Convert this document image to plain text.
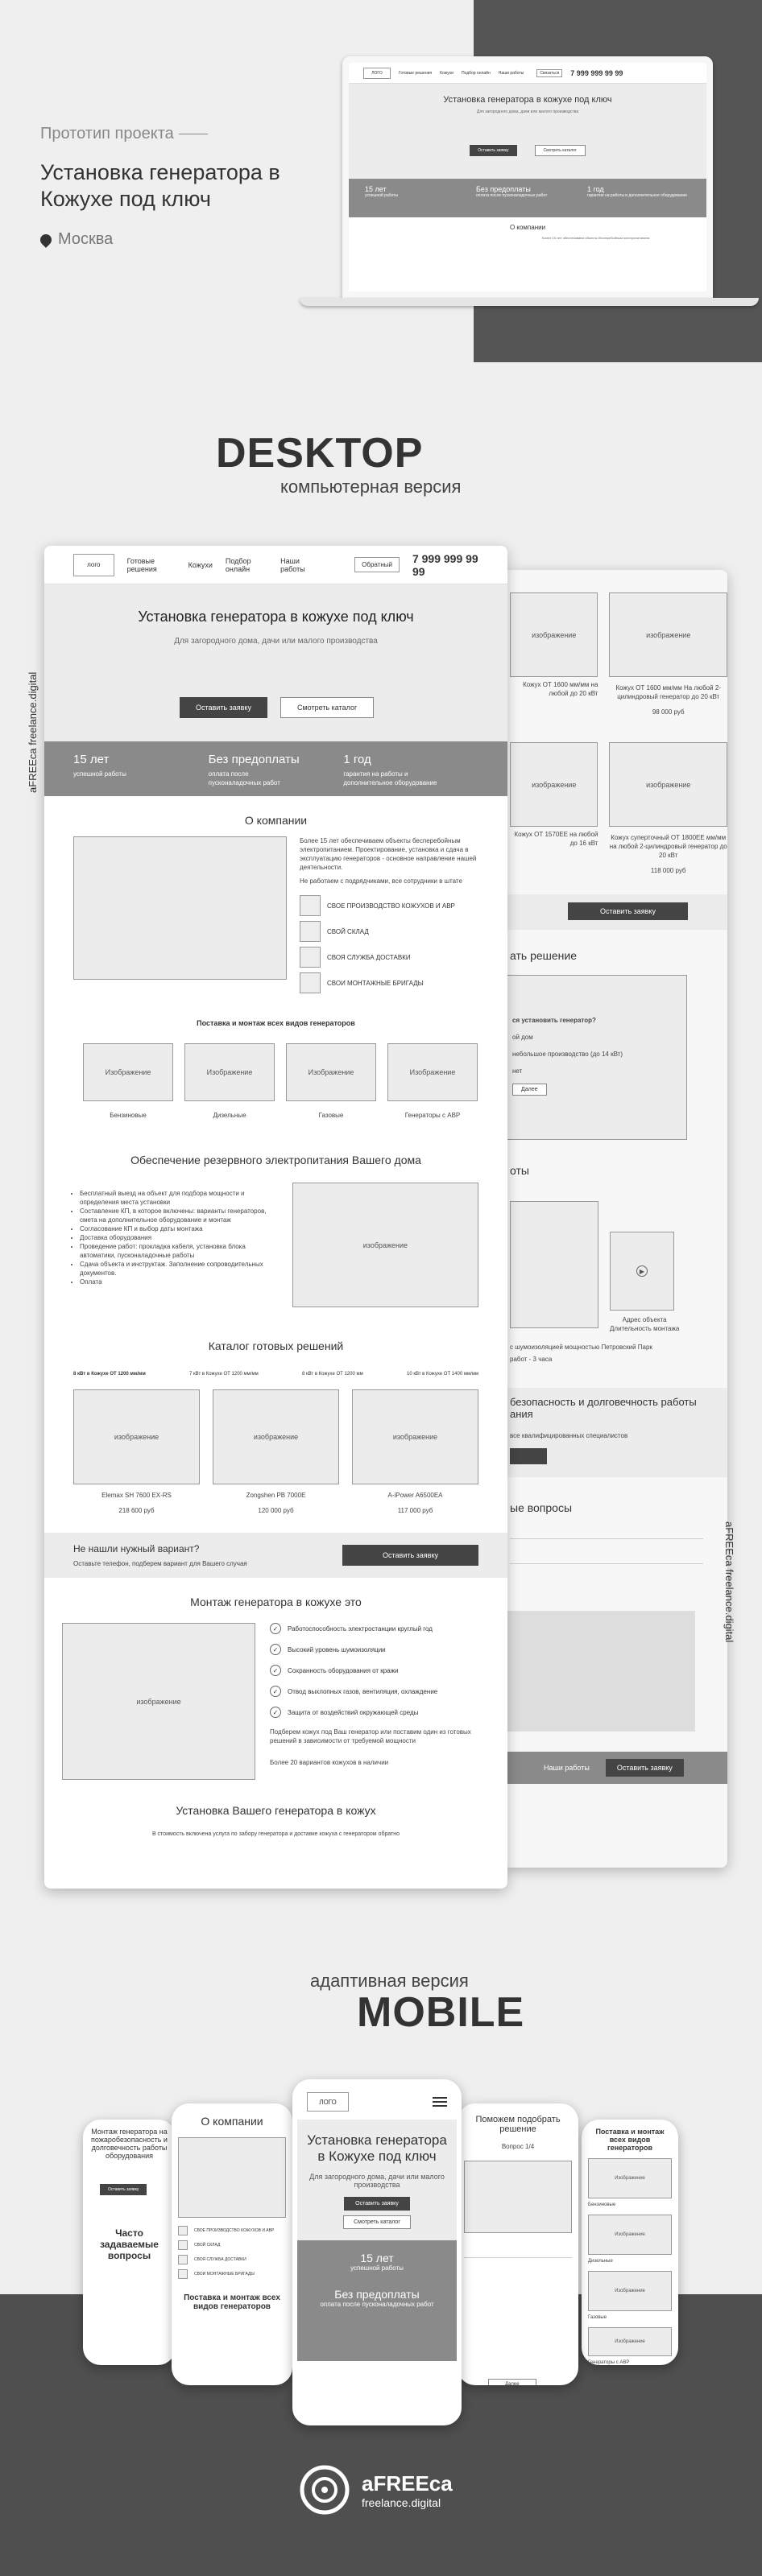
Прототип проекта
Установка генератора в Кожухе под ключ
Москва
ЛОГО	Готовые решения Кожухи Подбор онлайн Наши работы	Связаться	7 999 999 99 99
Установка генератора в кожухе под ключ
Для загородного дома, дачи или малого производства
Оставить заявку	Смотреть каталог
15 лет
успешной работы
Без предоплаты
оплата после пусконаладочных работ
1 год
гарантия на работы и дополнительное оборудование
О компании
Более 15 лет обеспечиваем объекты бесперебойным электропитанием
DESKTOP
компьютерная версия
изображение
Кожух ОТ 1600 мм/мм на любой до 20 кВт
изображение
Кожух ОТ 1600 мм/мм На любой 2-цилиндровый генератор до 20 кВт
98 000 руб
изображение
Кожух ОТ 1570ЕЕ на любой до 16 кВт
изображение
Кожух суперточный ОТ 1800ЕЕ мм/мм на любой 2-цилиндровый генератор до 20 кВт
118 000 руб
Оставить заявку
ать решение
ся установить генератор?
ой дом
небольшое производство (до 14 кВт)
нет
Далее
оты
▶
Адрес объекта
Длительность монтажа
с шумоизоляцией мощностью Петровский Парк
работ - 3 часа
безопасность и долговечность работы
ания
все квалифицированных специалистов
ые вопросы
Наши работы	Оставить заявку
aFREEca freelance.digital
aFREEca freelance.digital
лого	Готовые решения	Кожухи Подбор онлайн
Наши работы	Обратный	7 999 999 99 99
Установка генератора в кожухе под ключ

Для загородного дома, дачи или малого производства

Оставить заявку	Смотреть каталог
15 лет
успешной работы
Без предоплаты
оплата после пусконаладочных работ
1 год
гарантия на работы и дополнительное оборудование
О компании
Более 15 лет обеспечиваем объекты бесперебойным электропитанием. Проектирование, установка и сдача в эксплуатацию генераторов - основное направление нашей деятельности.
Не работаем с подрядчиками, все сотрудники в штате
СВОЕ ПРОИЗВОДСТВО КОЖУХОВ И АВР
СВОЙ СКЛАД
СВОЯ СЛУЖБА ДОСТАВКИ
СВОИ МОНТАЖНЫЕ БРИГАДЫ
Поставка и монтаж всех видов генераторов
Изображение
Бензиновые
Изображение
Дизельные
Изображение
Газовые
Изображение
Генераторы с АВР
Обеспечение резервного электропитания Вашего дома
• Бесплатный выезд на объект для подбора мощности и определения места установки
• Составление КП, в которое включены: варианты генераторов, смета на дополнительное оборудование и монтаж
• Согласование КП и выбор даты монтажа
• Доставка оборудования
• Проведение работ: прокладка кабеля, установка блока автоматики, пусконаладочные работы
• Сдача объекта и инструктаж. Заполнение сопроводительных документов.
• Оплата
изображение
Каталог готовых решений
8 кВт в Кожухе ОТ 1200 мм/мм	7 кВт в Кожухе ОТ 1200 мм/мм	8 кВт в Кожухе ОТ 1200 мм	10 кВт в Кожухе ОТ 1400 мм/мм
изображение
Elemax SH 7600 EX-RS
218 600 руб
изображение
Zongshen PB 7000E
120 000 руб
изображение
A-iPower A6500EA
117 000 руб
Не нашли нужный вариант?
Оставьте телефон, подберем вариант для Вашего случая
Оставить заявку
Монтаж генератора в кожухе это
изображение
✓	Работоспособность электростанции круглый год
✓	Высокий уровень шумоизоляции
✓	Сохранность оборудования от кражи
✓	Отвод выхлопных газов, вентиляция, охлаждение
✓	Защита от воздействий окружающей среды
Подберем кожух под Ваш генератор или поставим один из готовых решений в зависимости от требуемой мощности
Более 20 вариантов кожухов в наличии
Установка Вашего генератора в кожух
В стоимость включена услуга по забору генератора и доставке кожуха с генератором обратно
адаптивная версия
MOBILE
Монтаж генератора на пожаробезопасность и долговечность работы оборудования
Оставить заявку
Часто задаваемые вопросы
Поставка и монтаж всех видов генераторов
Изображение
Бензиновые
Изображение
Дизельные
Изображение
Газовые
Изображение
Генераторы с АВР
О компании
СВОЕ ПРОИЗВОДСТВО КОЖУХОВ И АВР
СВОЙ СКЛАД
СВОЯ СЛУЖБА ДОСТАВКИ
СВОИ МОНТАЖНЫЕ БРИГАДЫ
Поставка и монтаж всех видов генераторов
Поможем подобрать решение
Вопрос 1/4
Далее
ЛОГО
Установка генератора в Кожухе под ключ
Для загородного дома, дачи или малого производства
Оставить заявку
Смотреть каталог
15 лет
успешной работы
Без предоплаты
оплата после пусконаладочных работ
aFREEca
freelance.digital
